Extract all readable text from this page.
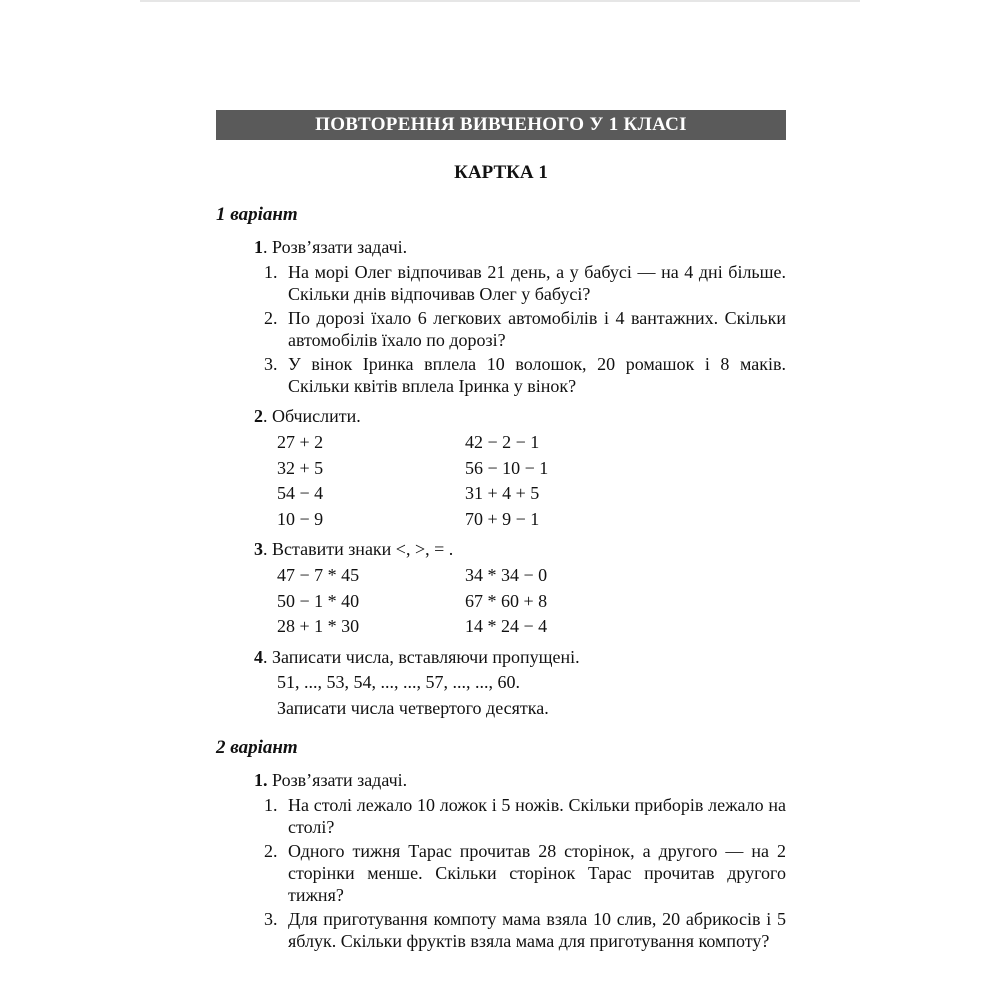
ПОВТОРЕННЯ ВИВЧЕНОГО У 1 КЛАСІ
КАРТКА 1
1 варіант
1. Розв’язати задачі.
1. На морі Олег відпочивав 21 день, а у бабусі — на 4 дні більше. Скільки днів відпочивав Олег у бабусі?
2. По дорозі їхало 6 легкових автомобілів і 4 вантажних. Скільки автомобілів їхало по дорозі?
3. У вінок Іринка вплела 10 волошок, 20 ромашок і 8 маків. Скільки квітів вплела Іринка у вінок?
2. Обчислити.
27 + 2	42 − 2 − 1
32 + 5	56 − 10 − 1
54 − 4	31 + 4 + 5
10 − 9	70 + 9 − 1
3. Вставити знаки <, >, = .
47 − 7 * 45	34 * 34 − 0
50 − 1 * 40	67 * 60 + 8
28 + 1 * 30	14 * 24 − 4
4. Записати числа, вставляючи пропущені.
51, ..., 53, 54, ..., ..., 57, ..., ..., 60.
Записати числа четвертого десятка.
2 варіант
1. Розв’язати задачі.
1. На столі лежало 10 ложок і 5 ножів. Скільки приборів лежало на столі?
2. Одного тижня Тарас прочитав 28 сторінок, а другого — на 2 сторінки менше. Скільки сторінок Тарас прочитав другого тижня?
3. Для приготування компоту мама взяла 10 слив, 20 абрикосів і 5 яблук. Скільки фруктів взяла мама для приготування компоту?
